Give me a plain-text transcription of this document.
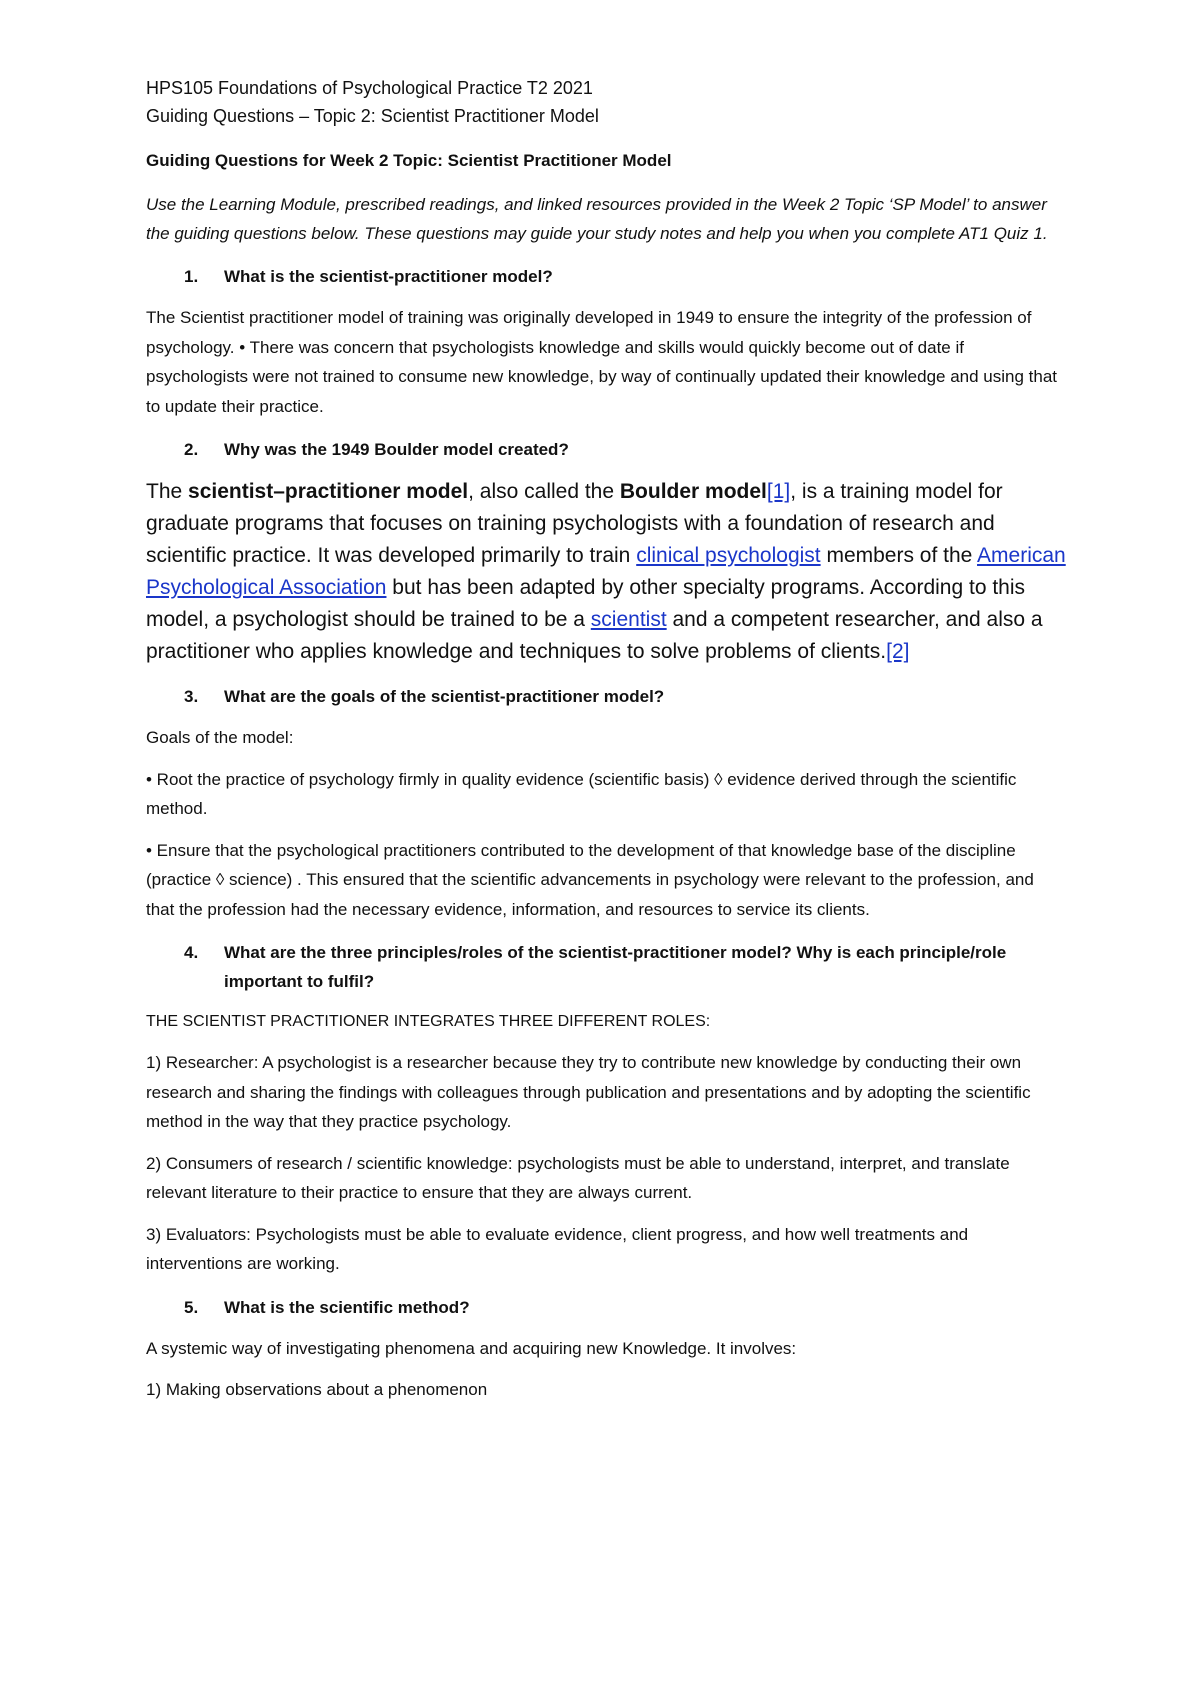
HPS105 Foundations of Psychological Practice T2 2021

Guiding Questions – Topic 2: Scientist Practitioner Model

Guiding Questions for Week 2 Topic: Scientist Practitioner Model

Use the Learning Module, prescribed readings, and linked resources provided in the Week 2 Topic ‘SP Model’ to answer the guiding questions below. These questions may guide your study notes and help you when you complete AT1 Quiz 1.

1.	What is the scientist-practitioner model?

The Scientist practitioner model of training was originally developed in 1949 to ensure the integrity of the profession of psychology. • There was concern that psychologists knowledge and skills would quickly become out of date if psychologists were not trained to consume new knowledge, by way of continually updated their knowledge and using that to update their practice.

2.	Why was the 1949 Boulder model created?

The scientist–practitioner model, also called the Boulder model[1], is a training model for graduate programs that focuses on training psychologists with a foundation of research and scientific practice. It was developed primarily to train clinical psychologist members of the American Psychological Association but has been adapted by other specialty programs. According to this model, a psychologist should be trained to be a scientist and a competent researcher, and also a practitioner who applies knowledge and techniques to solve problems of clients.[2]

3.	What are the goals of the scientist-practitioner model?

Goals of the model:

• Root the practice of psychology firmly in quality evidence (scientific basis) ◊ evidence derived through the scientific method.

• Ensure that the psychological practitioners contributed to the development of that knowledge base of the discipline (practice ◊ science) . This ensured that the scientific advancements in psychology were relevant to the profession, and that the profession had the necessary evidence, information, and resources to service its clients.

4.	What are the three principles/roles of the scientist-practitioner model? Why is each principle/role important to fulfil?

THE SCIENTIST PRACTITIONER INTEGRATES THREE DIFFERENT ROLES:

1) Researcher: A psychologist is a researcher because they try to contribute new knowledge by conducting their own research and sharing the findings with colleagues through publication and presentations and by adopting the scientific method in the way that they practice psychology.

2) Consumers of research / scientific knowledge: psychologists must be able to understand, interpret, and translate relevant literature to their practice to ensure that they are always current.

3) Evaluators: Psychologists must be able to evaluate evidence, client progress, and how well treatments and interventions are working.

5.	What is the scientific method?

A systemic way of investigating phenomena and acquiring new Knowledge. It involves:

1) Making observations about a phenomenon
